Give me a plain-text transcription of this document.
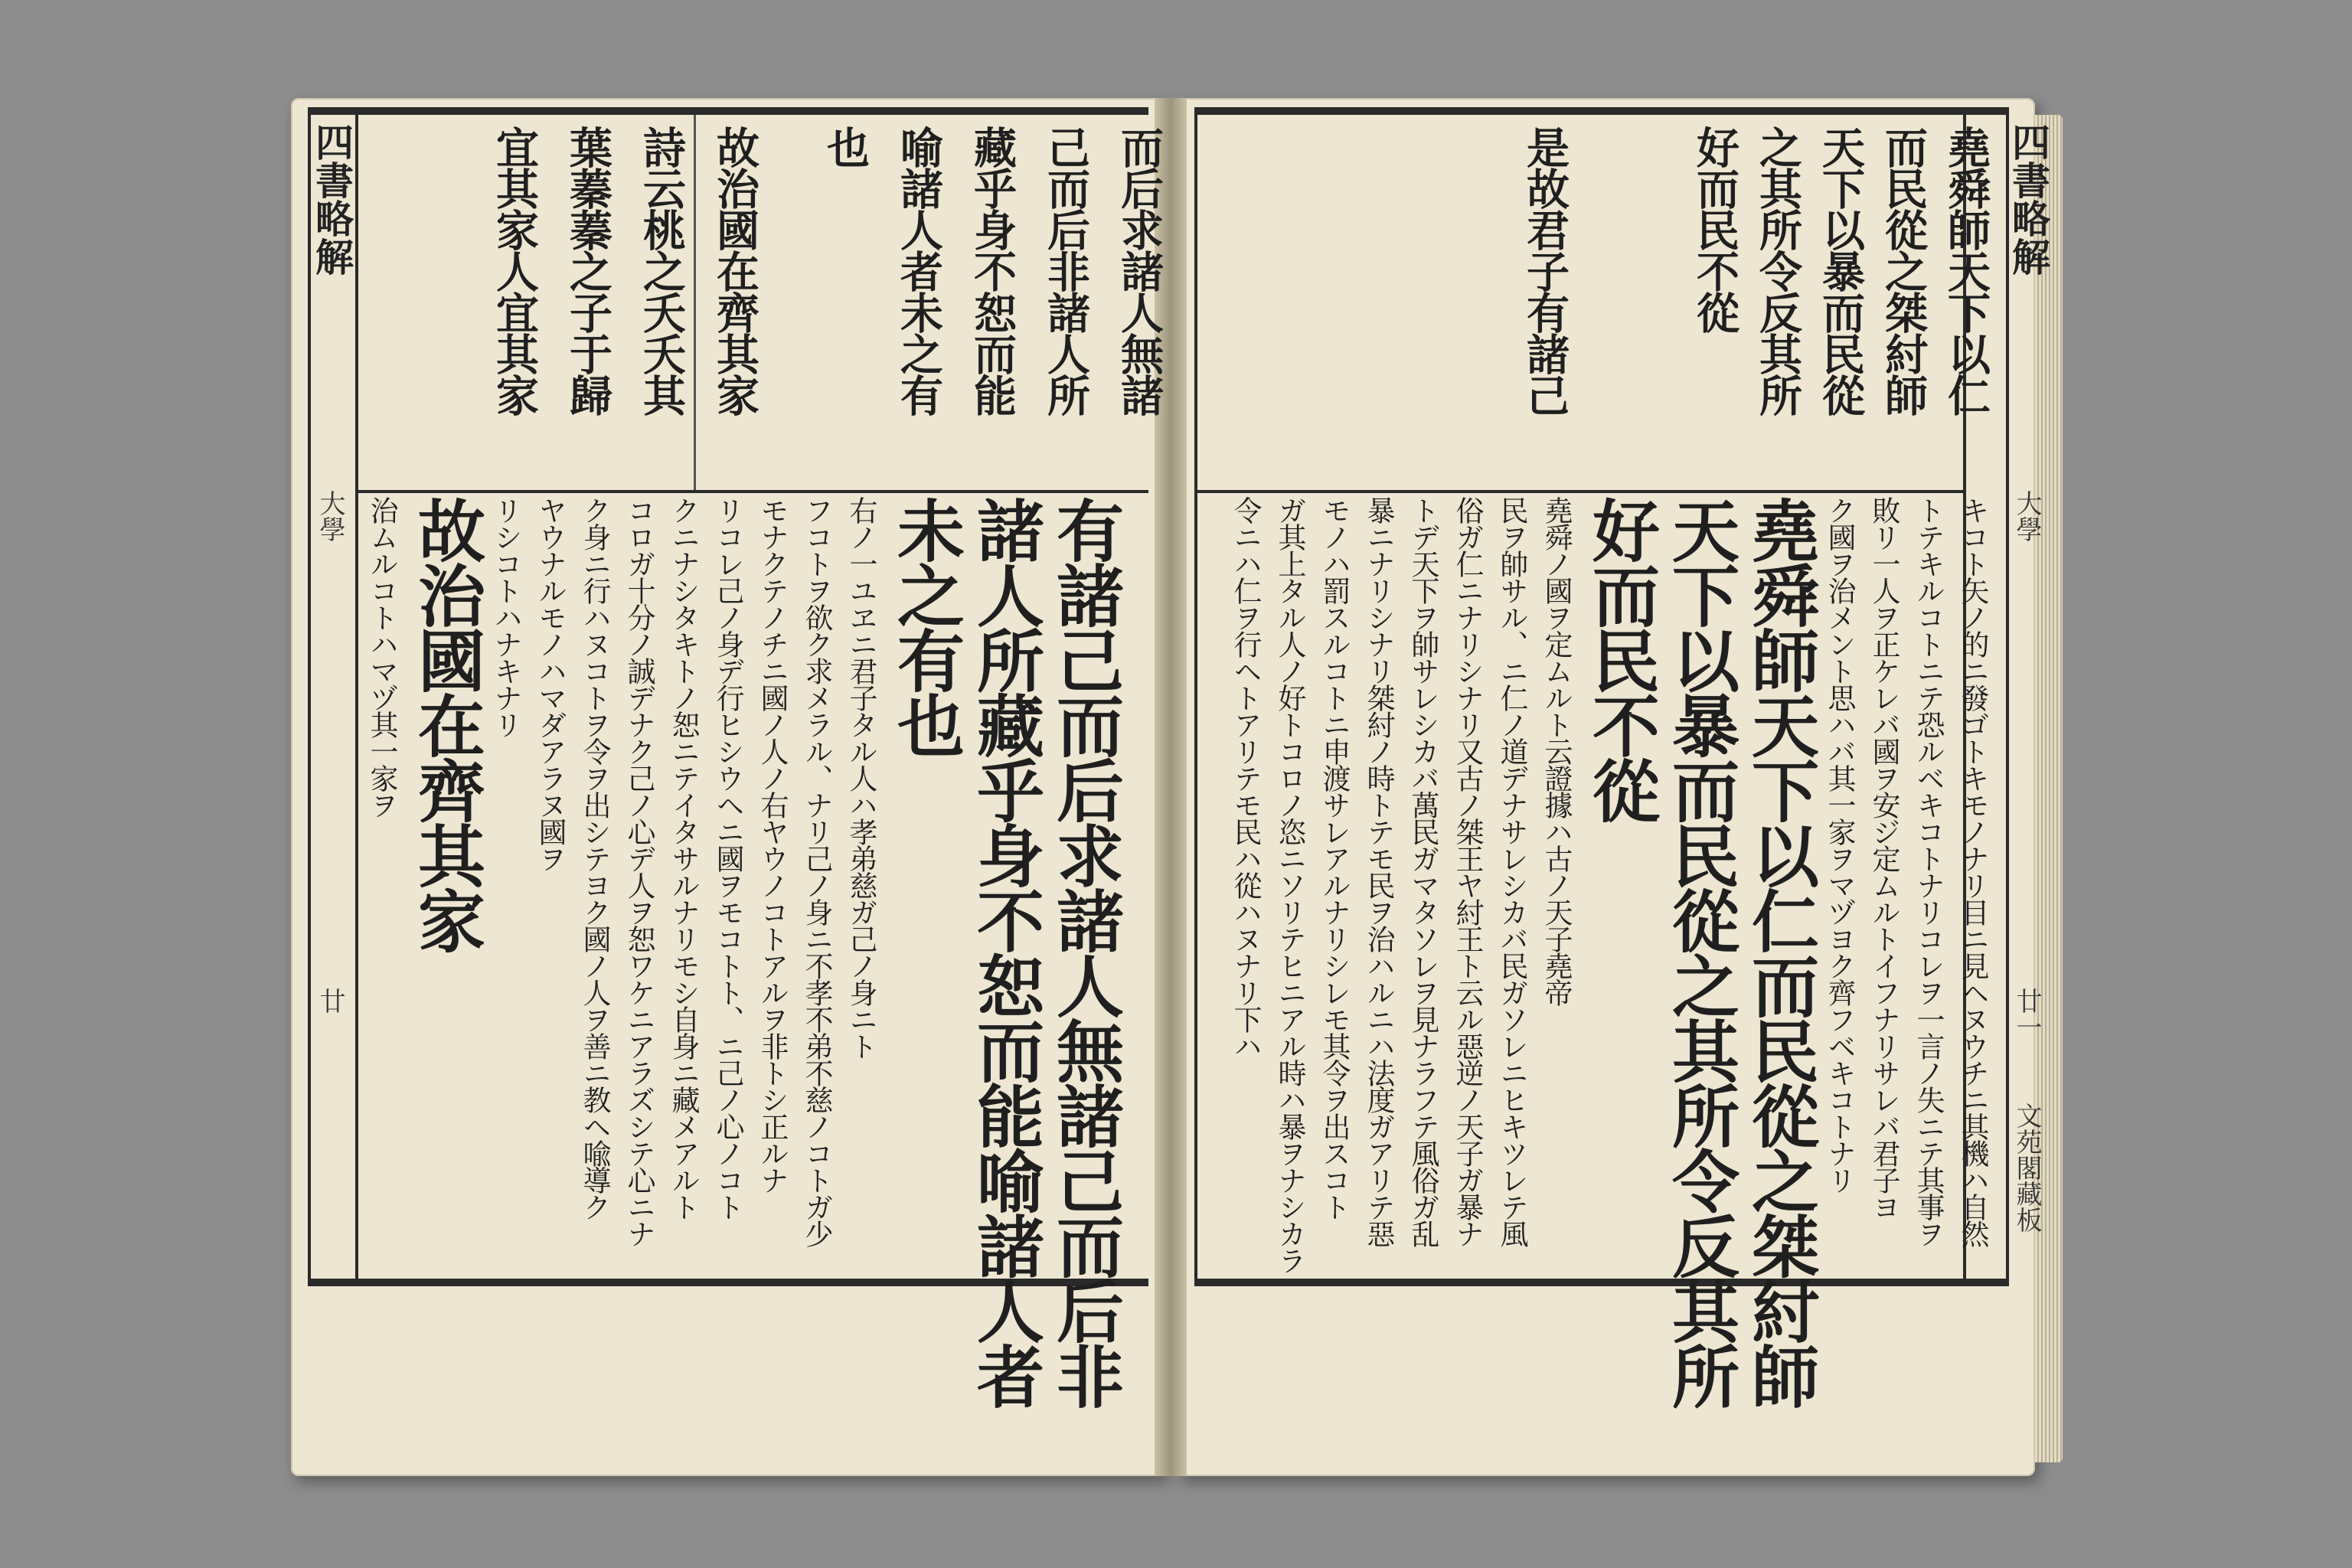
四書略解
大學
廿
而后求諸人無諸
己而后非諸人所
藏乎身不恕而能
喻諸人者未之有
也
故治國在齊其家
詩云桃之夭夭其
葉蓁蓁之子于歸
宜其家人宜其家
有諸己而后求諸人無諸己而后非
諸人所藏乎身不恕而能喻諸人者
未之有也
右ノ一ユヱニ君子タル人ハ孝弟慈ガ己ノ身ニト
フコトヲ欲ク求メラル、ナリ己ノ身ニ不孝不弟不慈ノコトガ少
モナクテノチニ國ノ人ノ右ヤウノコトアルヲ非トシ正ルナ
リコレ己ノ身デ行ヒシウヘニ國ヲモコトト、ニ己ノ心ノコト
クニナシタキトノ恕ニテイタサルナリモシ自身ニ藏メアルト
コロガ十分ノ誠デナク己ノ心デ人ヲ恕ワケニアラズシテ心ニナ
ク身ニ行ハヌコトヲ令ヲ出シテヨク國ノ人ヲ善ニ教ヘ喩導ク
ヤウナルモノハマダアラヌ國ヲ
リシコトハナキナリ
故治國在齊其家
治ムルコトハマヅ其一家ヲ
四書略解
大學
廿一
文苑閣藏板
堯舜師天下以仁
而民從之桀紂師
天下以暴而民從
之其所令反其所
好而民不從
是故君子有諸己
キコト矢ノ的ニ發ゴトキモノナリ目ニ見ヘヌウチニ其機ハ自然
トテキルコトニテ恐ルベキコトナリコレヲ一言ノ失ニテ其事ヲ
敗リ一人ヲ正ケレバ國ヲ安ジ定ムルトイフナリサレバ君子ヨ
ク國ヲ治メント思ハバ其一家ヲマヅヨク齊フベキコトナリ
堯舜師天下以仁而民從之桀紂師
天下以暴而民從之其所令反其所
好而民不從
堯舜ノ國ヲ定ムルト云證據ハ古ノ天子堯帝
民ヲ帥サル、ニ仁ノ道デナサレシカバ民ガソレニヒキツレテ風
俗ガ仁ニナリシナリ又古ノ桀王ヤ紂王ト云ル惡逆ノ天子ガ暴ナ
トデ天下ヲ帥サレシカバ萬民ガマタソレヲ見ナラフテ風俗ガ乱
暴ニナリシナリ桀紂ノ時トテモ民ヲ治ハルニハ法度ガアリテ惡
モノハ罰スルコトニ申渡サレアルナリシレモ其令ヲ出スコト
ガ其上タル人ノ好トコロノ恣ニソリテヒニアル時ハ暴ヲナシカラ
令ニハ仁ヲ行ヘトアリテモ民ハ從ハヌナリ下ハ
